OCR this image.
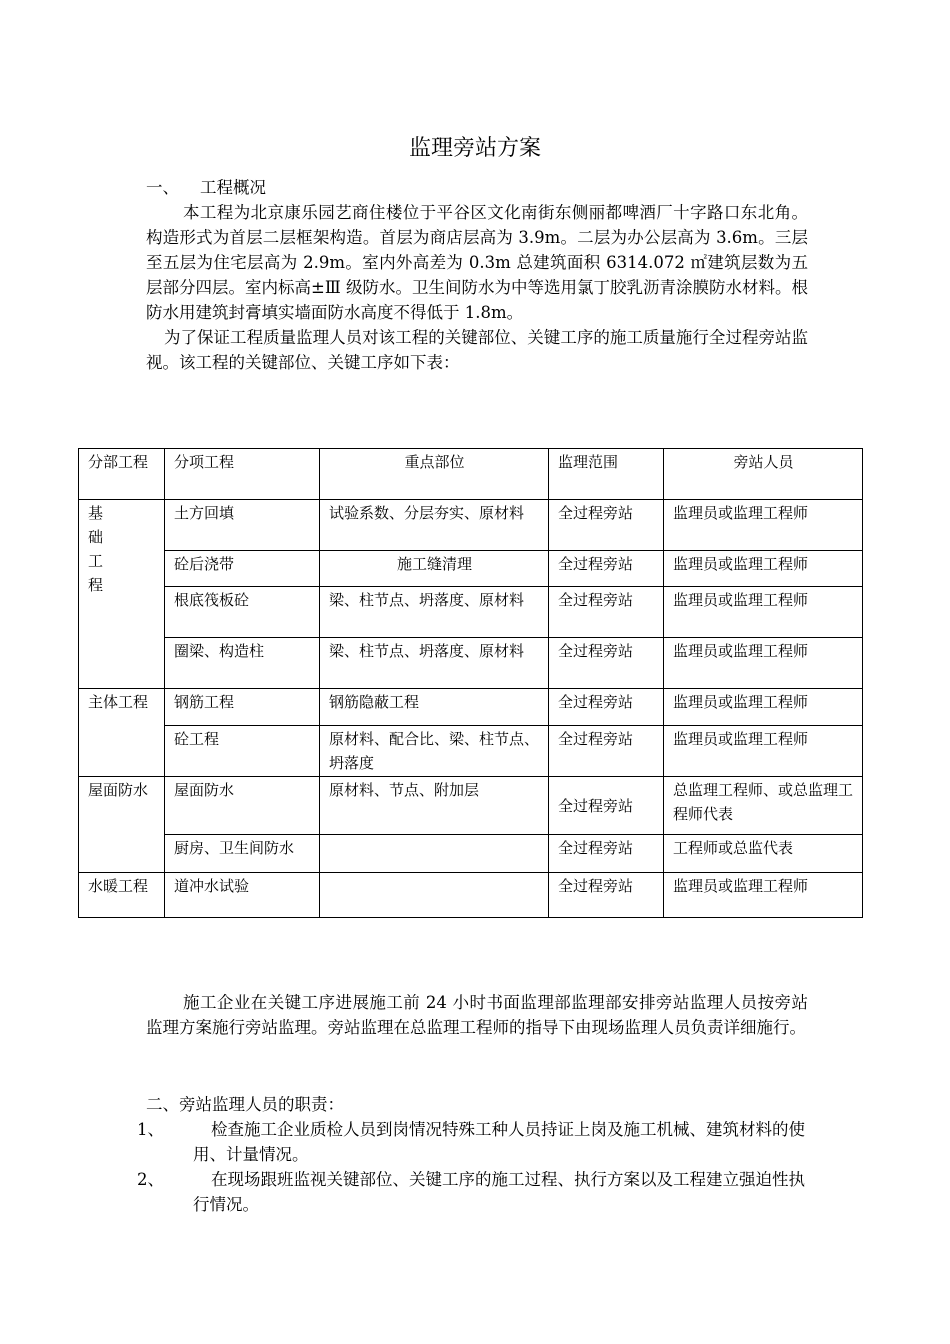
监理旁站方案

一、 工程概况

本工程为北京康乐园艺商住楼位于平谷区文化南街东侧丽都啤酒厂十字路口东北角。构造形式为首层二层框架构造。首层为商店层高为 3.9m。二层为办公层高为 3.6m。三层至五层为住宅层高为 2.9m。室内外高差为 0.3m 总建筑面积 6314.072 ㎡建筑层数为五层部分四层。室内标高±Ⅲ 级防水。卫生间防水为中等选用氯丁胶乳沥青涂膜防水材料。根防水用建筑封膏填实墙面防水高度不得低于 1.8m。

为了保证工程质量监理人员对该工程的关键部位、关键工序的施工质量施行全过程旁站监视。该工程的关键部位、关键工序如下表：

分部工程	分项工程	重点部位	监理范围	旁站人员

基础工程	土方回填	试验系数、分层夯实、原材料	全过程旁站	监理员或监理工程师
	砼后浇带	施工缝清理	全过程旁站	监理员或监理工程师
	根底筏板砼	梁、柱节点、坍落度、原材料	全过程旁站	监理员或监理工程师
	圈梁、构造柱	梁、柱节点、坍落度、原材料	全过程旁站	监理员或监理工程师
主体工程	钢筋工程	钢筋隐蔽工程	全过程旁站	监理员或监理工程师
	砼工程	原材料、配合比、梁、柱节点、坍落度	全过程旁站	监理员或监理工程师
屋面防水	屋面防水	原材料、节点、附加层	全过程旁站	总监理工程师、或总监理工程师代表
	厨房、卫生间防水		全过程旁站	工程师或总监代表
水暖工程	道冲水试验		全过程旁站	监理员或监理工程师

施工企业在关键工序进展施工前 24 小时书面监理部监理部安排旁站监理人员按旁站监理方案施行旁站监理。旁站监理在总监理工程师的指导下由现场监理人员负责详细施行。

二、旁站监理人员的职责：

1、	检查施工企业质检人员到岗情况特殊工种人员持证上岗及施工机械、建筑材料的使用、计量情况。

2、	在现场跟班监视关键部位、关键工序的施工过程、执行方案以及工程建立强迫性执行情况。
